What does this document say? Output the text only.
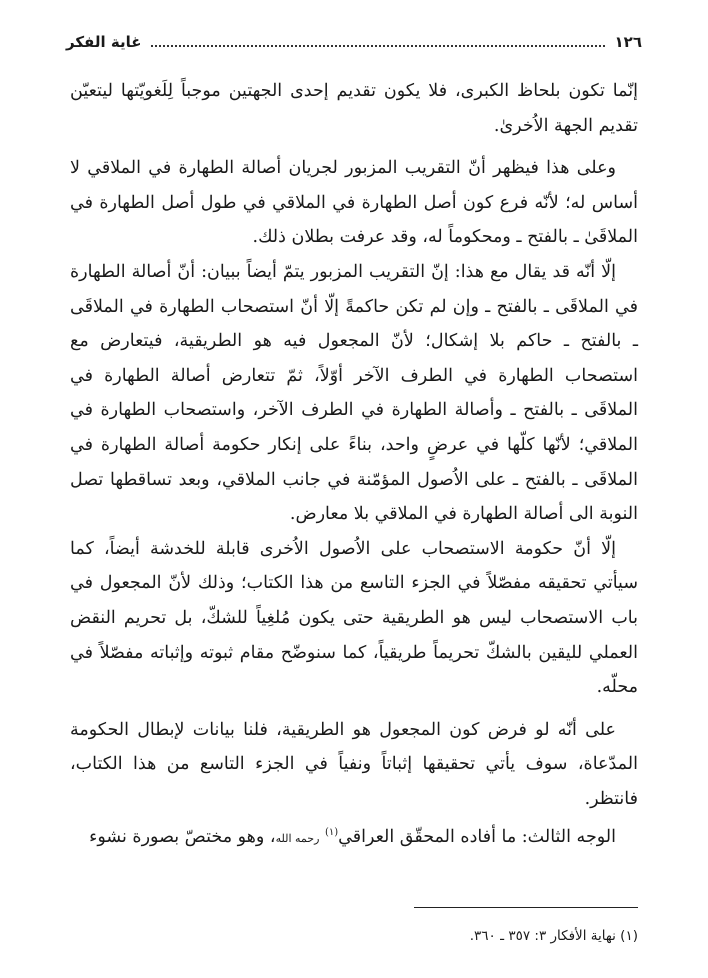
١٢٦
غاية الفكر

إنّما تكون بلحاظ الكبرى، فلا يكون تقديم إحدى الجهتين موجباً لِلَغويّتها ليتعيّن تقديم الجهة الاُخرىٰ.

وعلى هذا فيظهر أنّ التقريب المزبور لجريان أصالة الطهارة في الملاقي لا أساس له؛ لأنّه فرع كون أصل الطهارة في الملاقي في طول أصل الطهارة في الملاقَىٰ ـ بالفتح ـ ومحكوماً له، وقد عرفت بطلان ذلك.

إلّا أنّه قد يقال مع هذا: إنّ التقريب المزبور يتمّ أيضاً ببيان: أنّ أصالة الطهارة في الملاقَى ـ بالفتح ـ وإن لم تكن حاكمةً إلّا أنّ استصحاب الطهارة في الملاقَى ـ بالفتح ـ حاكم بلا إشكال؛ لأنّ المجعول فيه هو الطريقية، فيتعارض مع استصحاب الطهارة في الطرف الآخر أوّلاً، ثمّ تتعارض أصالة الطهارة في الملاقَى ـ بالفتح ـ وأصالة الطهارة في الطرف الآخر، واستصحاب الطهارة في الملاقي؛ لأنّها كلّها في عرضٍ واحد، بناءً على إنكار حكومة أصالة الطهارة في الملاقَى ـ بالفتح ـ على الاُصول المؤمّنة في جانب الملاقي، وبعد تساقطها تصل النوبة الى أصالة الطهارة في الملاقي بلا معارض.

إلّا أنّ حكومة الاستصحاب على الاُصول الاُخرى قابلة للخدشة أيضاً، كما سيأتي تحقيقه مفصّلاً في الجزء التاسع من هذا الكتاب؛ وذلك لأنّ المجعول في باب الاستصحاب ليس هو الطريقية حتى يكون مُلغِياً للشكّ، بل تحريم النقض العملي لليقين بالشكّ تحريماً طريقياً، كما سنوضّح مقام ثبوته وإثباته مفصّلاً في محلّه.

على أنّه لو فرض كون المجعول هو الطريقية، فلنا بيانات لإبطال الحكومة المدّعاة، سوف يأتي تحقيقها إثباتاً ونفياً في الجزء التاسع من هذا الكتاب، فانتظر.

الوجه الثالث: ما أفاده المحقّق العراقي$^{(١)}$ رحمه الله، وهو مختصّ بصورة نشوء

(١) نهاية الأفكار ٣: ٣٥٧ ـ ٣٦٠.
